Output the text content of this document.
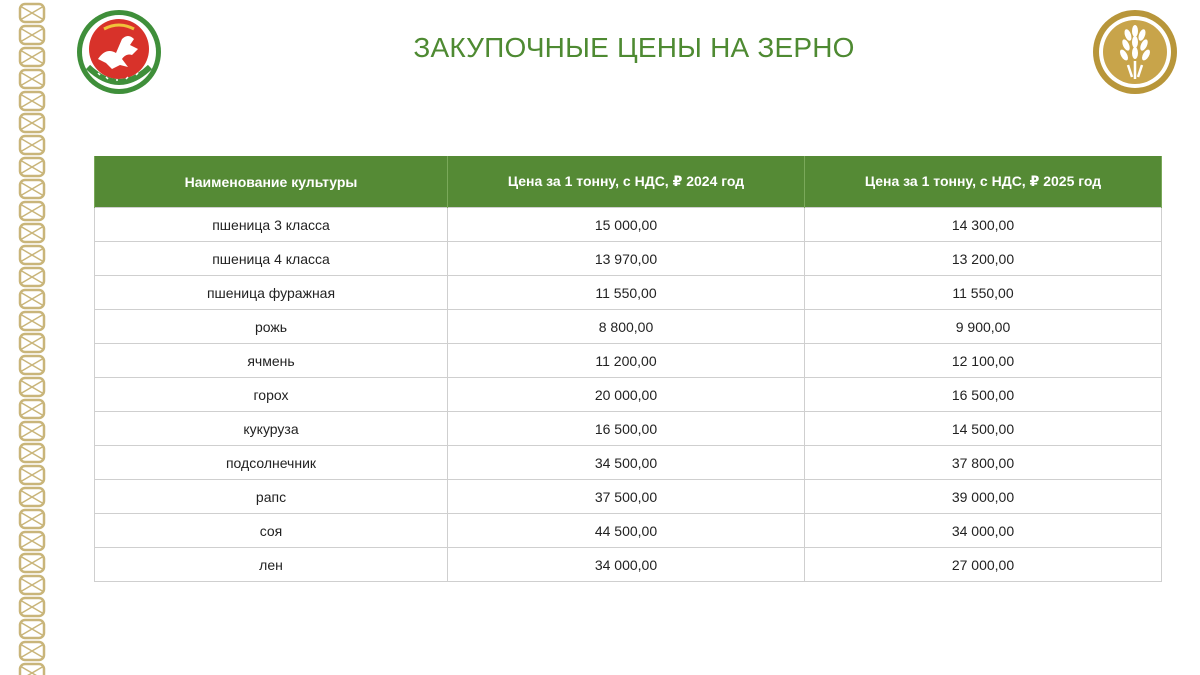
ЗАКУПОЧНЫЕ ЦЕНЫ НА ЗЕРНО
Наименование культуры	Цена за 1 тонну, с НДС, ₽ 2024 год	Цена за 1 тонну, с НДС, ₽ 2025 год
пшеница 3 класса	15 000,00	14 300,00
пшеница 4 класса	13 970,00	13 200,00
пшеница фуражная	11 550,00	11 550,00
рожь	8 800,00	9 900,00
ячмень	11 200,00	12 100,00
горох	20 000,00	16 500,00
кукуруза	16 500,00	14 500,00
подсолнечник	34 500,00	37 800,00
рапс	37 500,00	39 000,00
соя	44 500,00	34 000,00
лен	34 000,00	27 000,00
